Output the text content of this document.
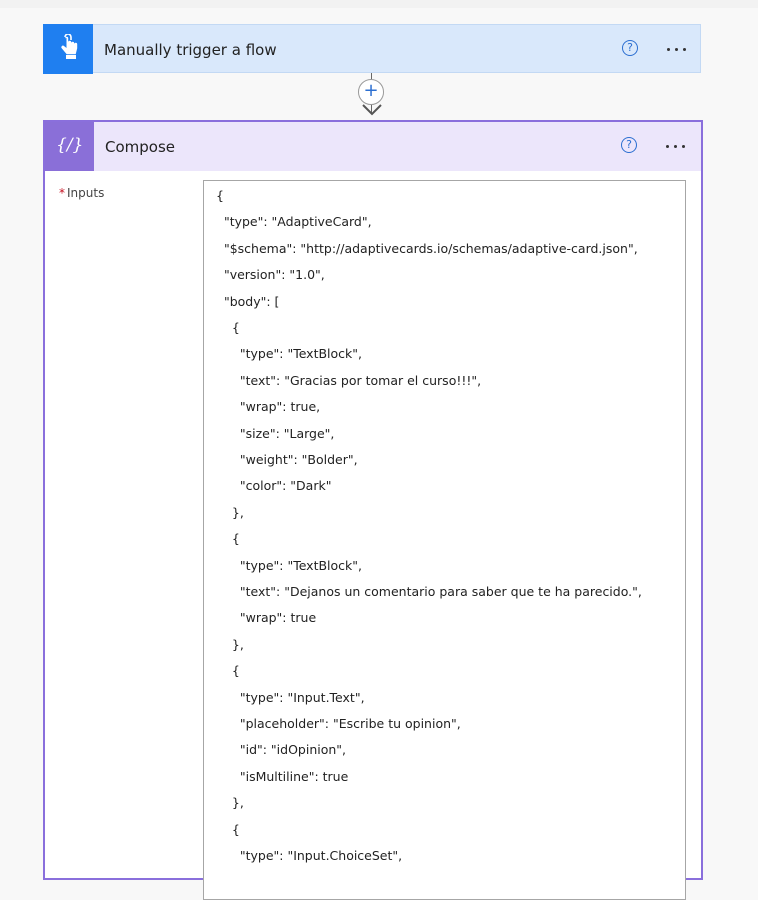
Manually trigger a flow	?
+
{∕} Compose	?
* Inputs	{
"type": "AdaptiveCard",
"$schema": "http://adaptivecards.io/schemas/adaptive-card.json",
"version": "1.0",
"body": [
{
"type": "TextBlock",
"text": "Gracias por tomar el curso!!!",
"wrap": true,
"size": "Large",
"weight": "Bolder",
"color": "Dark"
},
{
"type": "TextBlock",
"text": "Dejanos un comentario para saber que te ha parecido.",
"wrap": true
},
{
"type": "Input.Text",
"placeholder": "Escribe tu opinion",
"id": "idOpinion",
"isMultiline": true
},
{
"type": "Input.ChoiceSet",
